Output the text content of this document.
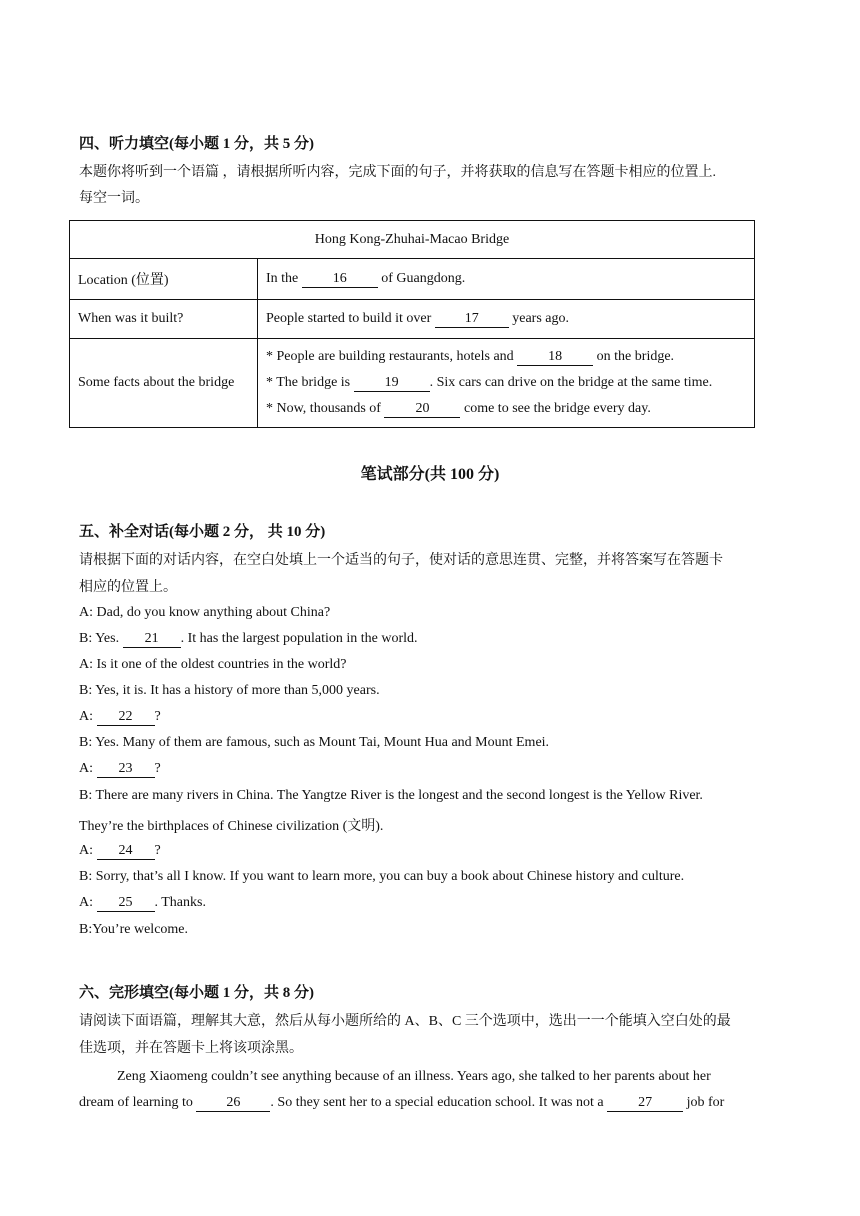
四、听力填空(每小题 1 分，共 5 分)
本题你将听到一个语篇 ，请根据所听内容，完成下面的句子，并将获取的信息写在答题卡相应的位置上.
每空一词。
Hong Kong-Zhuhai-Macao Bridge	
Location (位置)	In the 16 of Guangdong.
When was it built?	People started to build it over 17 years ago.
Some facts about the bridge	* People are building restaurants, hotels and 18 on the bridge.
* The bridge is 19 . Six cars can drive on the bridge at the same time.
* Now, thousands of 20 come to see the bridge every day.
笔试部分(共 100 分)
五、补全对话(每小题 2 分， 共 10 分)
请根据下面的对话内容，在空白处填上一个适当的句子，使对话的意思连贯、完整，并将答案写在答题卡
相应的位置上。
A: Dad, do you know anything about China?
B: Yes. 21 . It has the largest population in the world.
A: Is it one of the oldest countries in the world?
B: Yes, it is. It has a history of more than 5,000 years.
A: 22 ?
B: Yes. Many of them are famous, such as Mount Tai, Mount Hua and Mount Emei.
A: 23 ?
B: There are many rivers in China. The Yangtze River is the longest and the second longest is the Yellow River.
They’re the birthplaces of Chinese civilization (文明).
A: 24 ?
B: Sorry, that’s all I know. If you want to learn more, you can buy a book about Chinese history and culture.
A: 25 . Thanks.
B:You’re welcome.
六、完形填空(每小题 1 分，共 8 分)
请阅读下面语篇，理解其大意，然后从每小题所给的 A、B、C 三个选项中，选出一一个能填入空白处的最
佳选项，并在答题卡上将该项涂黑。
Zeng Xiaomeng couldn’t see anything because of an illness. Years ago, she talked to her parents about her
dream of learning to 26 . So they sent her to a special education school. It was not a 27 job for
